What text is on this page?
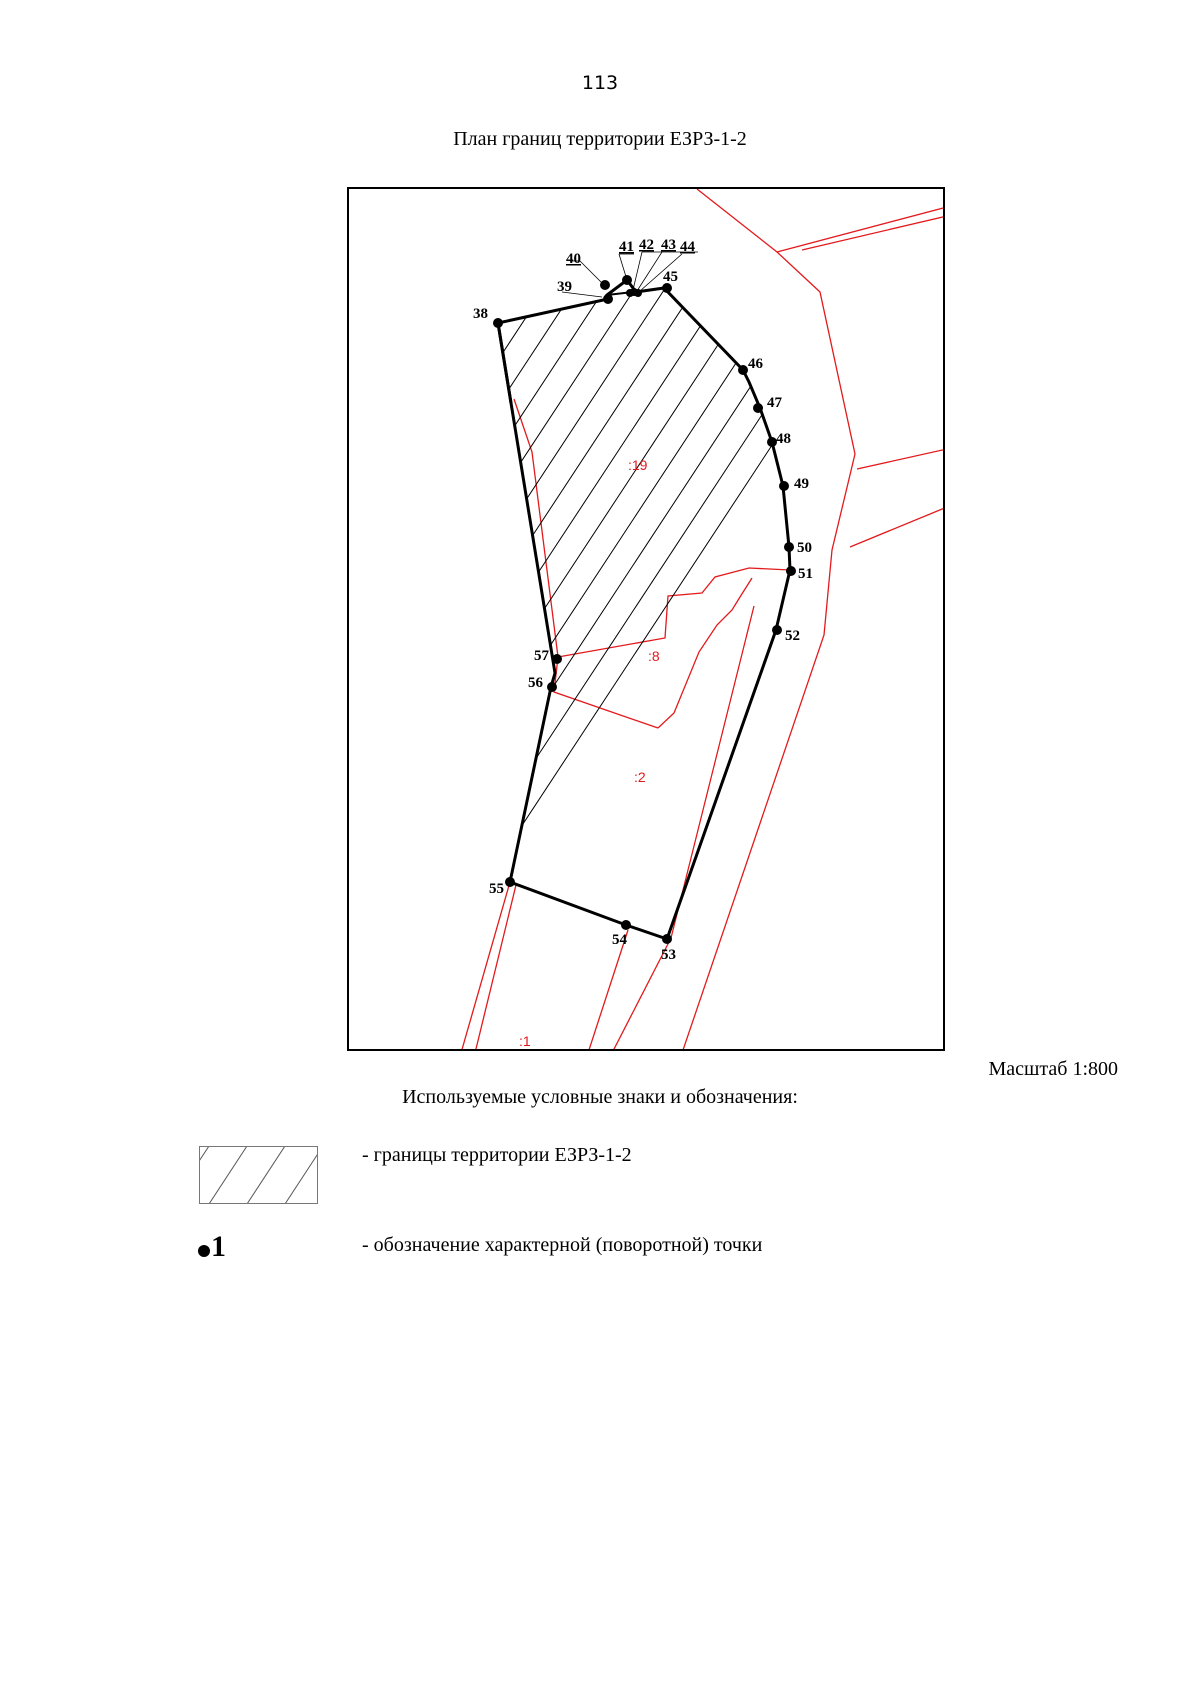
113
План границ территории ЕЗРЗ-1-2
38
39
40
41 42 43 44
45
46
47
48
49
50
51
52
53
54
55
56
57
:19
:8
:2
:1
Масштаб 1:800
Используемые условные знаки и обозначения:
- границы территории ЕЗРЗ-1-2
1	- обозначение характерной (поворотной) точки
